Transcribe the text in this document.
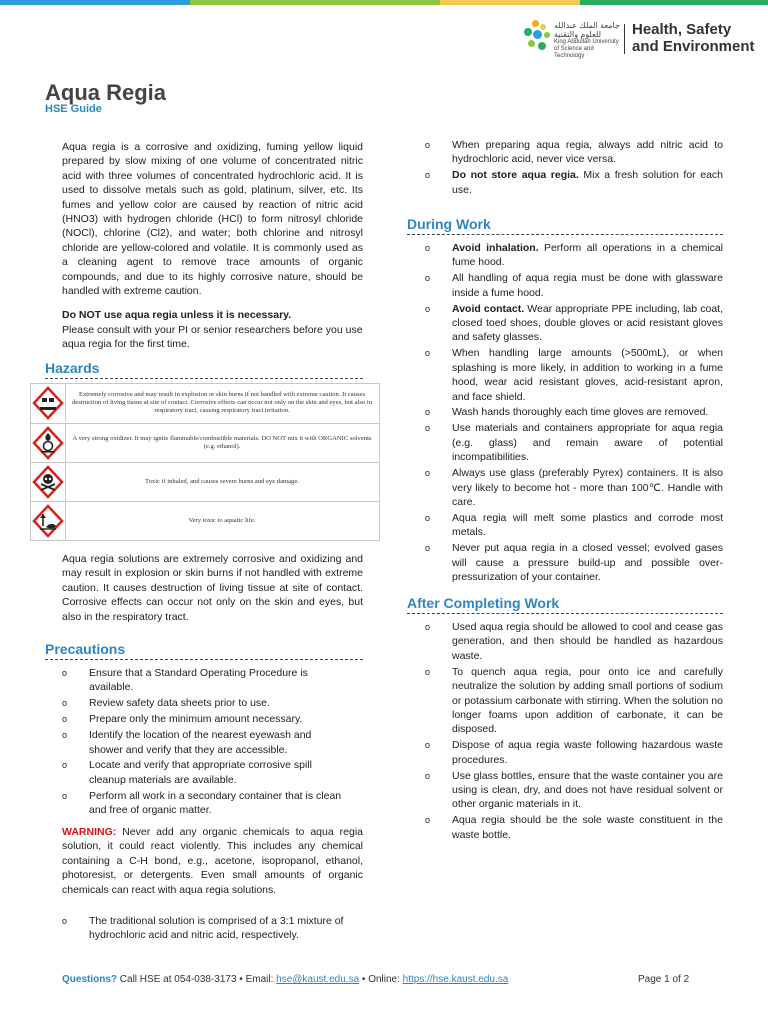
جامعة الملك عبدالله للعلوم والتقنية
King Abdullah University of Science and Technology
Health, Safety
and Environment
Aqua Regia
HSE Guide

Aqua regia is a corrosive and oxidizing, fuming yellow liquid prepared by slow mixing of one volume of concentrated nitric acid with three volumes of concentrated hydrochloric acid. It is used to dissolve metals such as gold, platinum, silver, etc. Its fumes and yellow color are caused by reaction of nitric acid (HNO3) with hydrogen chloride (HCl) to form nitrosyl chloride (NOCl), chlorine (Cl2), and water; both chlorine and nitrosyl chloride are yellow-colored and volatile. It is commonly used as a cleaning agent to remove trace amounts of organic compounds, and due to its highly corrosive nature, should be handled with extreme caution.

Do NOT use aqua regia unless it is necessary.

Please consult with your PI or senior researchers before you use aqua regia for the first time.

Hazards
Extremely corrosive and may result in explosion or skin burns if not handled with extreme caution. It causes destruction of living tissue at site of contact. Corrosive effects can occur not only on the skin and eyes, but also in respiratory tract, causing respiratory tract irritation.
A very strong oxidizer. It may ignite flammable/combustible materials. DO NOT mix it with ORGANIC solvents (e.g. ethanol).
Toxic if inhaled, and causes severe burns and eye damage.
Very toxic to aquatic life.

Aqua regia solutions are extremely corrosive and oxidizing and may result in explosion or skin burns if not handled with extreme caution. It causes destruction of living tissue at site of contact. Corrosive effects can occur not only on the skin and eyes, but also in the respiratory tract.

Precautions
o Ensure that a Standard Operating Procedure is available.
o Review safety data sheets prior to use.
o Prepare only the minimum amount necessary.
o Identify the location of the nearest eyewash and shower and verify that they are accessible.
o Locate and verify that appropriate corrosive spill cleanup materials are available.
o Perform all work in a secondary container that is clean and free of organic matter.

WARNING: Never add any organic chemicals to aqua regia solution, it could react violently. This includes any chemical containing a C-H bond, e.g., acetone, isopropanol, ethanol, photoresist, or detergents. Even small amounts of organic chemicals can react with aqua regia solutions.

o The traditional solution is comprised of a 3:1 mixture of hydrochloric acid and nitric acid, respectively.
o When preparing aqua regia, always add nitric acid to hydrochloric acid, never vice versa.
o Do not store aqua regia. Mix a fresh solution for each use.
During Work
o Avoid inhalation. Perform all operations in a chemical fume hood.
o All handling of aqua regia must be done with glassware inside a fume hood.
o Avoid contact. Wear appropriate PPE including, lab coat, closed toed shoes, double gloves or acid resistant gloves and safety glasses.
o When handling large amounts (>500mL), or when splashing is more likely, in addition to working in a fume hood, wear acid resistant gloves, acid-resistant apron, and face shield.
o Wash hands thoroughly each time gloves are removed.
o Use materials and containers appropriate for aqua regia (e.g. glass) and remain aware of potential incompatibilities.
o Always use glass (preferably Pyrex) containers. It is also very likely to become hot - more than 100℃. Handle with care.
o Aqua regia will melt some plastics and corrode most metals.
o Never put aqua regia in a closed vessel; evolved gases will cause a pressure build-up and possible over-pressurization of your container.
After Completing Work
o Used aqua regia should be allowed to cool and cease gas generation, and then should be handled as hazardous waste.
o To quench aqua regia, pour onto ice and carefully neutralize the solution by adding small portions of sodium or potassium carbonate with stirring. When the solution no longer foams upon addition of carbonate, it can be disposed.
o Dispose of aqua regia waste following hazardous waste procedures.
o Use glass bottles, ensure that the waste container you are using is clean, dry, and does not have residual solvent or other organic materials in it.
o Aqua regia should be the sole waste constituent in the waste bottle.
Questions? Call HSE at 054-038-3173 • Email: hse@kaust.edu.sa • Online: https://hse.kaust.edu.sa	Page 1 of 2
